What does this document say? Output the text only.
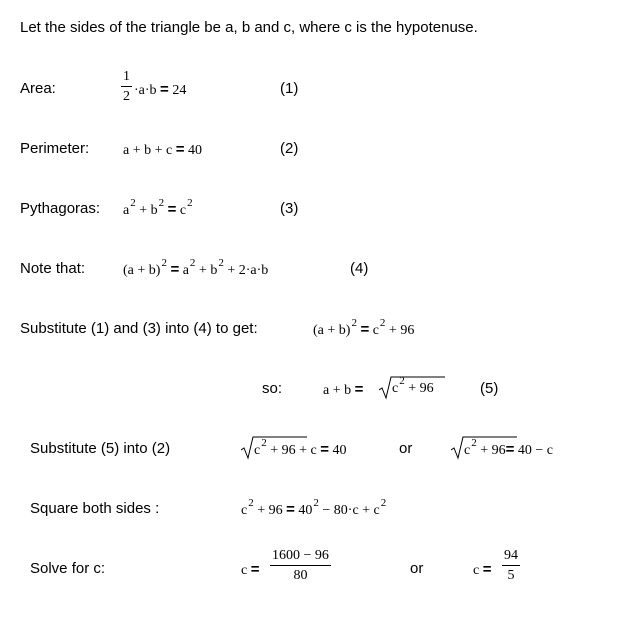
Let the sides of the triangle be a, b and c, where c is the hypotenuse.
Area:	$\frac{1}{2} \cdot a\cdot b = 24$	(1)
Perimeter: a + b + c = 40	(2)
Pythagoras: $a^2 + b^2 = c^2$	(3)
Note that:	$(a + b)^2 = a^2 + b^2 + 2\cdot a\cdot b$	(4)
Substitute (1) and (3) into (4) to get:	$(a + b)^2 = c^2 + 96$
so:	a + b =	$c^2 + 96$	(5)
Substitute (5) into (2)	$c^2 + 96 + c = 40$	or	$c^2 + 96= 40 - c$
Square both sides :	$c^2 + 96 = 40^2 - 80\cdot c + c^2$
Solve for c:	$c = \frac{1600 - 96}{80}$	or	$c = \frac{94}{5}$
